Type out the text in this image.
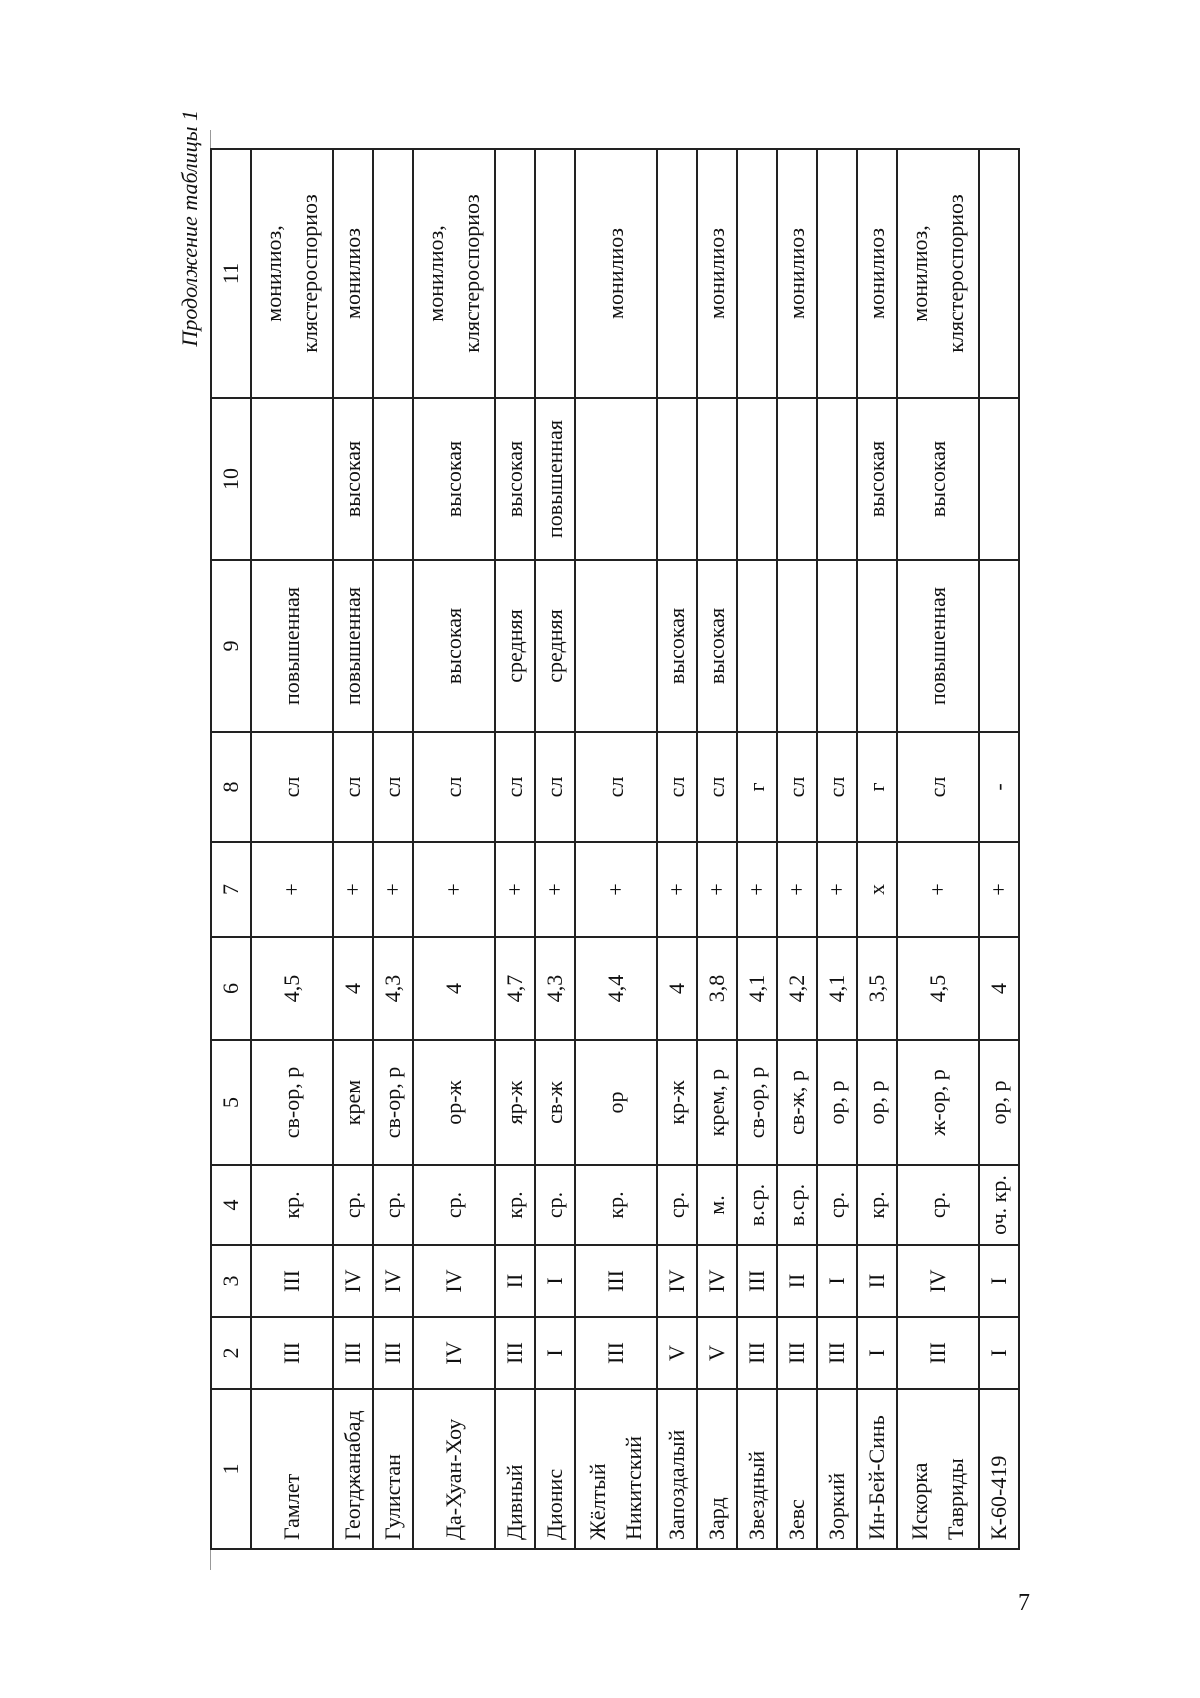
Продолжение таблицы 1
1	2	3	4	5	6	7	8	9	10	11
Гамлет	III	III	кр.	св-ор, р	4,5	+	сл	повышенная		монилиоз, клястероспориоз

Геогджанабад	III	IV	ср.	крем	4	+	сл	повышенная	высокая	монилиоз
Гулистан	III	IV	ср.	св-ор, р	4,3	+	сл			
Да-Хуан-Хоу	IV	IV	ср.	ор-ж	4	+	сл	высокая	высокая	монилиоз, клястероспориоз

Дивный	III	II	кр.	яр-ж	4,7	+	сл	средняя	высокая	
Дионис	I	I	ср.	св-ж	4,3	+	сл	средняя	повышенная	

Жёлтый Никитский	III	III	кр.	ор	4,4	+	сл			монилиоз
Запоздалый	V	IV	ср.	кр-ж	4	+	сл	высокая		
Зард	V	IV	м.	крем, р	3,8	+	сл	высокая		монилиоз
Звездный	III	III	в.ср.	св-ор, р	4,1	+	г			
Зевс	III	II	в.ср.	св-ж, р	4,2	+	сл			монилиоз
Зоркий	III	I	ср.	ор, р	4,1	+	сл			
Ин-Бей-Синь	I	II	кр.	ор, р	3,5	х	г		высокая	монилиоз

Искорка Тавриды	III	IV	ср.	ж-ор, р	4,5	+	сл	повышенная	высокая	монилиоз, клястероспориоз

К-60-419	I	I	оч. кр.	ор, р	4	+	-			
7
